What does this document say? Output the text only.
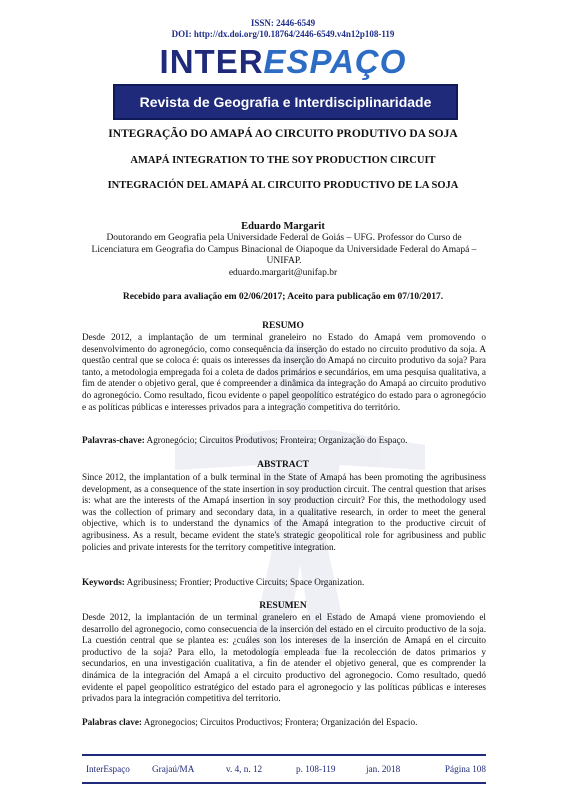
ISSN: 2446-6549
DOI: http://dx.doi.org/10.18764/2446-6549.v4n12p108-119
INTERESPAÇO
Revista de Geografia e Interdisciplinaridade
INTEGRAÇÃO DO AMAPÁ AO CIRCUITO PRODUTIVO DA SOJA
AMAPÁ INTEGRATION TO THE SOY PRODUCTION CIRCUIT
INTEGRACIÓN DEL AMAPÁ AL CIRCUITO PRODUCTIVO DE LA SOJA
Eduardo Margarit
Doutorando em Geografia pela Universidade Federal de Goiás – UFG. Professor do Curso de Licenciatura em Geografia do Campus Binacional de Oiapoque da Universidade Federal do Amapá – UNIFAP.
eduardo.margarit@unifap.br
Recebido para avaliação em 02/06/2017; Aceito para publicação em 07/10/2017.
RESUMO
Desde 2012, a implantação de um terminal graneleiro no Estado do Amapá vem promovendo o desenvolvimento do agronegócio, como consequência da inserção do estado no circuito produtivo da soja. A questão central que se coloca é: quais os interesses da inserção do Amapá no circuito produtivo da soja? Para tanto, a metodologia empregada foi a coleta de dados primários e secundários, em uma pesquisa qualitativa, a fim de atender o objetivo geral, que é compreender a dinâmica da integração do Amapá ao circuito produtivo do agronegócio. Como resultado, ficou evidente o papel geopolítico estratégico do estado para o agronegócio e as políticas públicas e interesses privados para a integração competitiva do território.
Palavras-chave: Agronegócio; Circuitos Produtivos; Fronteira; Organização do Espaço.
ABSTRACT
Since 2012, the implantation of a bulk terminal in the State of Amapá has been promoting the agribusiness development, as a consequence of the state insertion in soy production circuit. The central question that arises is: what are the interests of the Amapá insertion in soy production circuit? For this, the methodology used was the collection of primary and secondary data, in a qualitative research, in order to meet the general objective, which is to understand the dynamics of the Amapá integration to the productive circuit of agribusiness. As a result, became evident the state's strategic geopolitical role for agribusiness and public policies and private interests for the territory competitive integration.
Keywords: Agribusiness; Frontier; Productive Circuits; Space Organization.
RESUMEN
Desde 2012, la implantación de un terminal granelero en el Estado de Amapá viene promoviendo el desarrollo del agronegocio, como consecuencia de la inserción del estado en el circuito productivo de la soja. La cuestión central que se plantea es: ¿cuáles son los intereses de la inserción de Amapá en el circuito productivo de la soja? Para ello, la metodología empleada fue la recolección de datos primarios y secundarios, en una investigación cualitativa, a fin de atender el objetivo general, que es comprender la dinámica de la integración del Amapá a el circuito productivo del agronegocio. Como resultado, quedó evidente el papel geopolítico estratégico del estado para el agronegocio y las políticas públicas e intereses privados para la integración competitiva del territorio.
Palabras clave: Agronegocios; Circuitos Productivos; Frontera; Organización del Espacio.
InterEspaço	Grajaú/MA	v. 4, n. 12	p. 108-119	jan. 2018	Página 108
